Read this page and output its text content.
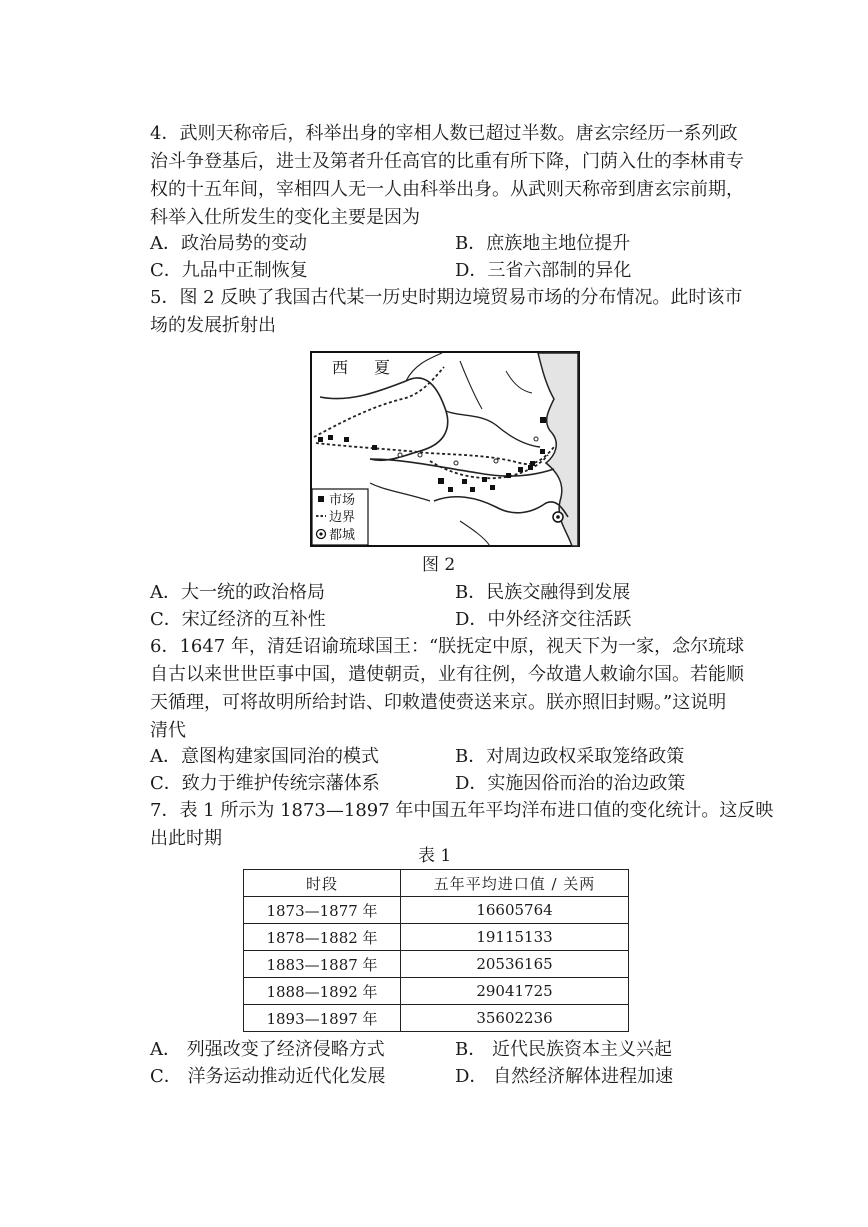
4．武则天称帝后，科举出身的宰相人数已超过半数。唐玄宗经历一系列政
治斗争登基后，进士及第者升任高官的比重有所下降，门荫入仕的李林甫专
权的十五年间，宰相四人无一人由科举出身。从武则天称帝到唐玄宗前期，
科举入仕所发生的变化主要是因为
A．政治局势的变动	B．庶族地主地位提升
C．九品中正制恢复	D．三省六部制的异化
5．图 2 反映了我国古代某一历史时期边境贸易市场的分布情况。此时该市
场的发展折射出
西 夏
市场
边界
都城
图 2
A．大一统的政治格局	B．民族交融得到发展
C．宋辽经济的互补性	D．中外经济交往活跃
6．1647 年，清廷诏谕琉球国王：“朕抚定中原，视天下为一家，念尔琉球
自古以来世世臣事中国，遣使朝贡，业有往例，今故遣人敕谕尔国。若能顺
天循理，可将故明所给封诰、印敕遣使赍送来京。朕亦照旧封赐。”这说明
清代
A．意图构建家国同治的模式	B．对周边政权采取笼络政策
C．致力于维护传统宗藩体系	D．实施因俗而治的治边政策
7．表 1 所示为 1873—1897 年中国五年平均洋布进口值的变化统计。这反映
出此时期
表 1
时段	五年平均进口值 / 关两
1873—1877 年	16605764
1878—1882 年	19115133
1883—1887 年	20536165
1888—1892 年	29041725
1893—1897 年	35602236
A． 列强改变了经济侵略方式	B． 近代民族资本主义兴起
C． 洋务运动推动近代化发展	D． 自然经济解体进程加速
